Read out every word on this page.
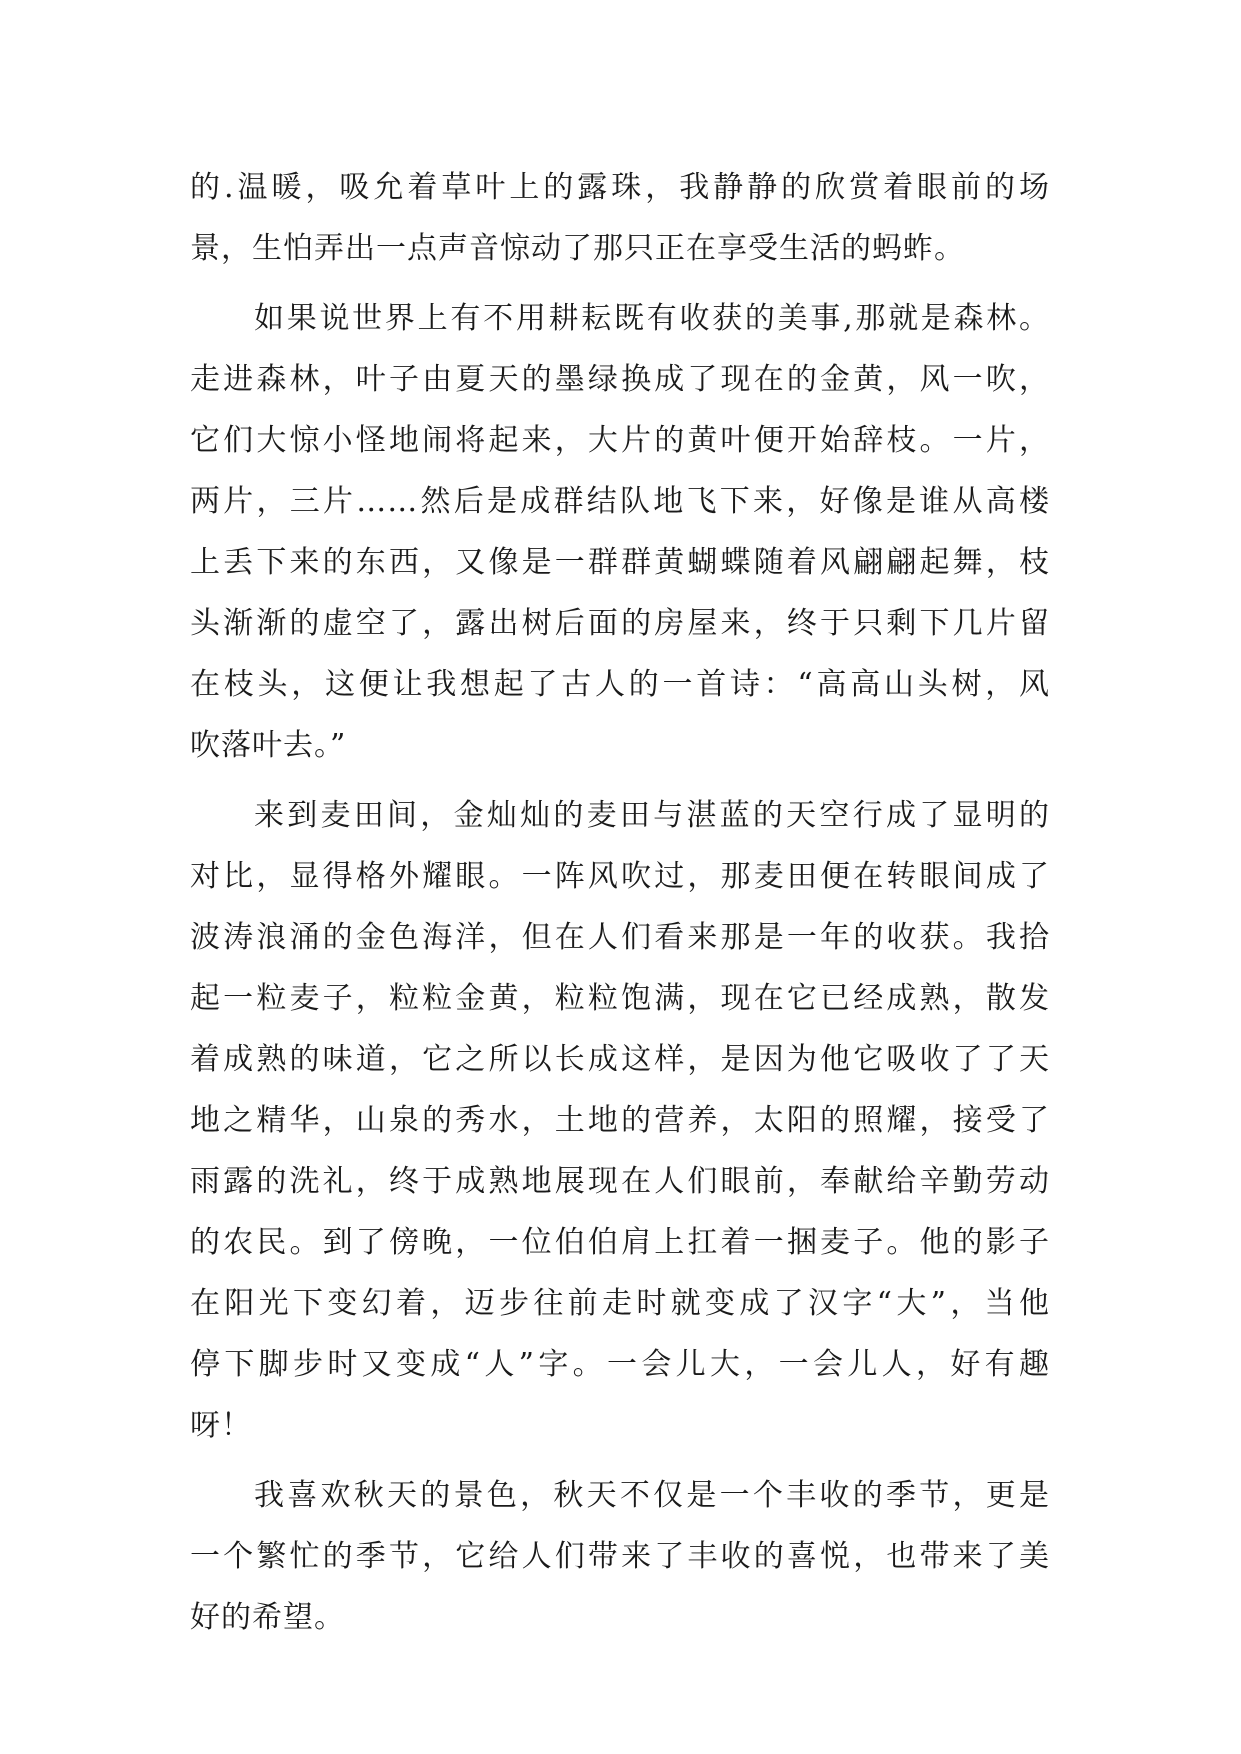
的.温暖，吸允着草叶上的露珠，我静静的欣赏着眼前的场
景，生怕弄出一点声音惊动了那只正在享受生活的蚂蚱。
如果说世界上有不用耕耘既有收获的美事,那就是森林。
走进森林，叶子由夏天的墨绿换成了现在的金黄，风一吹，
它们大惊小怪地闹将起来，大片的黄叶便开始辞枝。一片，
两片，三片……然后是成群结队地飞下来，好像是谁从高楼
上丢下来的东西，又像是一群群黄蝴蝶随着风翩翩起舞，枝
头渐渐的虚空了，露出树后面的房屋来，终于只剩下几片留
在枝头，这便让我想起了古人的一首诗：“高高山头树，风
吹落叶去。”
来到麦田间，金灿灿的麦田与湛蓝的天空行成了显明的
对比，显得格外耀眼。一阵风吹过，那麦田便在转眼间成了
波涛浪涌的金色海洋，但在人们看来那是一年的收获。我拾
起一粒麦子，粒粒金黄，粒粒饱满，现在它已经成熟，散发
着成熟的味道，它之所以长成这样，是因为他它吸收了了天
地之精华，山泉的秀水，土地的营养，太阳的照耀，接受了
雨露的洗礼，终于成熟地展现在人们眼前，奉献给辛勤劳动
的农民。到了傍晚，一位伯伯肩上扛着一捆麦子。他的影子
在阳光下变幻着，迈步往前走时就变成了汉字“大”，当他
停下脚步时又变成“人”字。一会儿大，一会儿人，好有趣
呀！
我喜欢秋天的景色，秋天不仅是一个丰收的季节，更是
一个繁忙的季节，它给人们带来了丰收的喜悦，也带来了美
好的希望。
